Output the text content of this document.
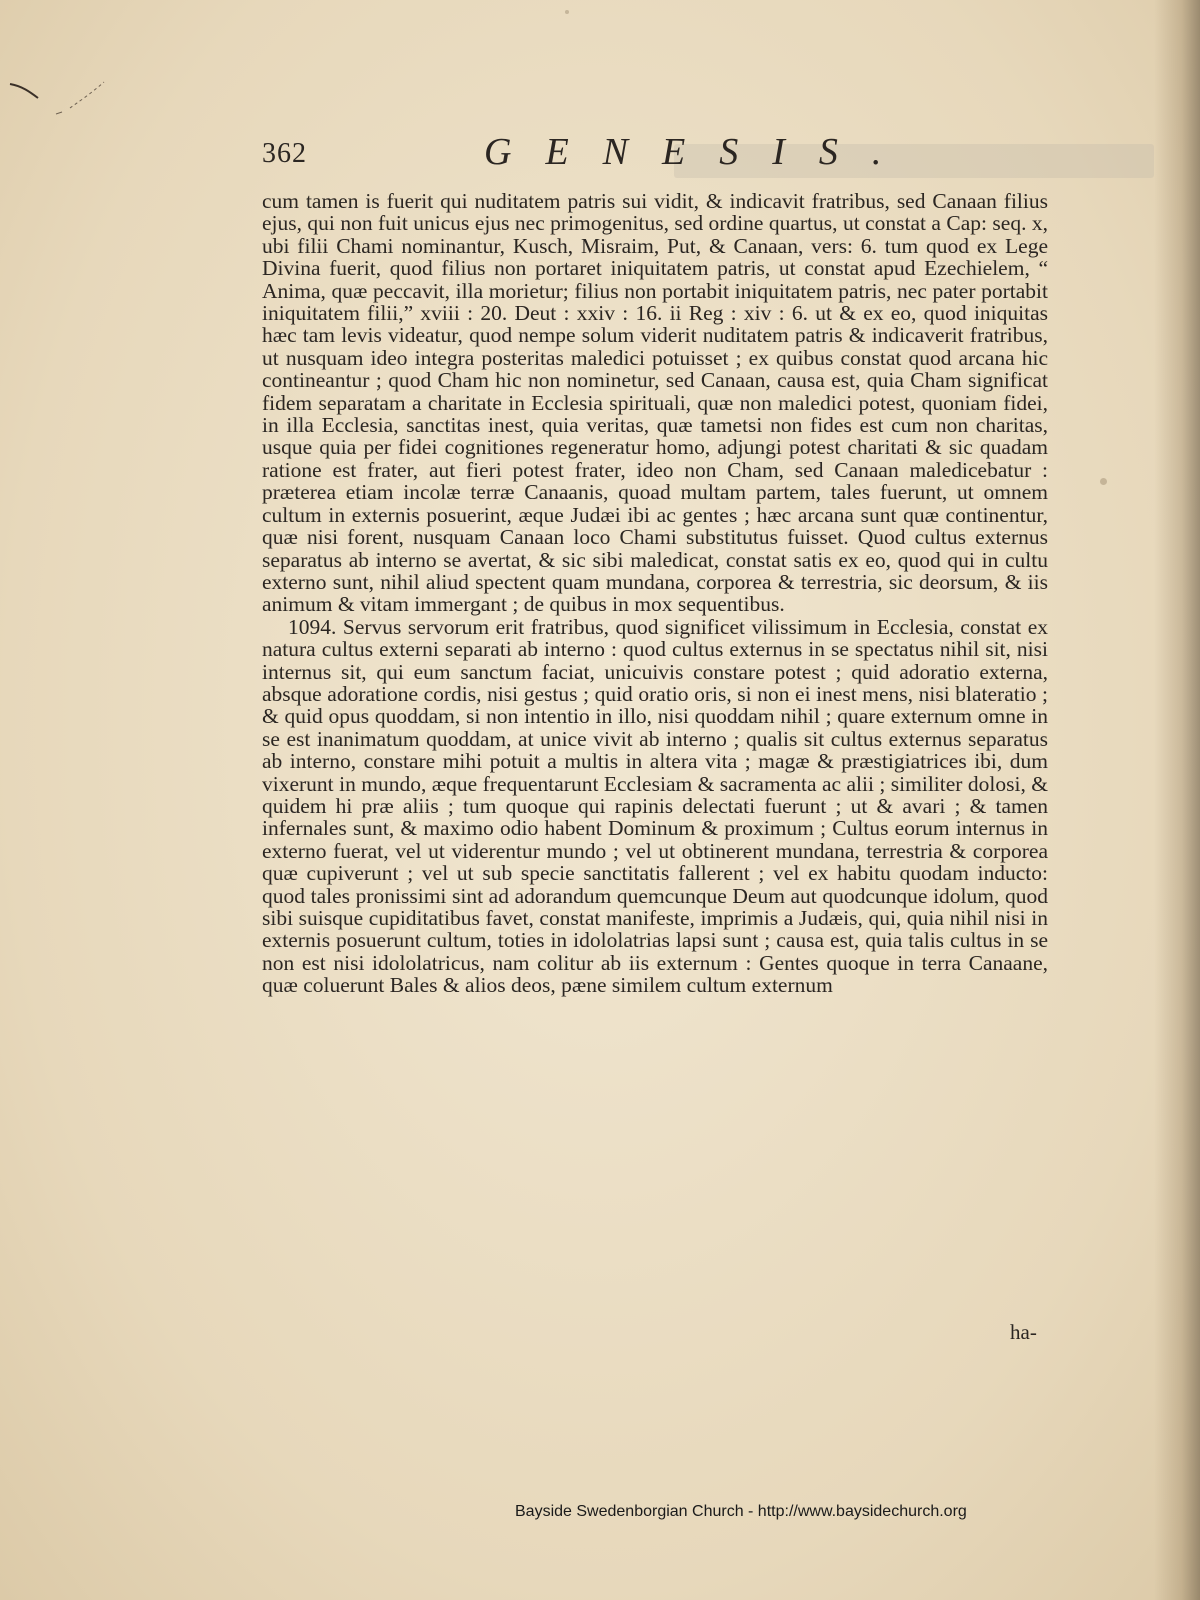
362	GENESIS.

cum tamen is fuerit qui nuditatem patris sui vidit, & indicavit fratribus, sed Canaan filius ejus, qui non fuit unicus ejus nec primogenitus, sed ordine quartus, ut constat a Cap: seq. x, ubi filii Chami nominantur, Kusch, Misraim, Put, & Canaan, vers: 6. tum quod ex Lege Divina fuerit, quod filius non portaret iniquitatem patris, ut constat apud Ezechielem, “ Anima, quæ peccavit, illa morietur; filius non portabit iniquitatem patris, nec pater portabit iniquitatem filii,” xviii : 20. Deut : xxiv : 16. ii Reg : xiv : 6. ut & ex eo, quod iniquitas hæc tam levis videatur, quod nempe solum viderit nuditatem patris & indicaverit fratribus, ut nusquam ideo integra posteritas maledici potuisset ; ex quibus constat quod arcana hic contineantur ; quod Cham hic non nominetur, sed Canaan, causa est, quia Cham significat fidem separatam a charitate in Ecclesia spirituali, quæ non maledici potest, quoniam fidei, in illa Ecclesia, sanctitas inest, quia veritas, quæ tametsi non fides est cum non charitas, usque quia per fidei cognitiones regeneratur homo, adjungi potest charitati & sic quadam ratione est frater, aut fieri potest frater, ideo non Cham, sed Canaan maledicebatur : præterea etiam incolæ terræ Canaanis, quoad multam partem, tales fuerunt, ut omnem cultum in externis posuerint, æque Judæi ibi ac gentes ; hæc arcana sunt quæ continentur, quæ nisi forent, nusquam Canaan loco Chami substitutus fuisset. Quod cultus externus separatus ab interno se avertat, & sic sibi maledicat, constat satis ex eo, quod qui in cultu externo sunt, nihil aliud spectent quam mundana, corporea & terrestria, sic deorsum, & iis animum & vitam immergant ; de quibus in mox sequentibus.

1094. Servus servorum erit fratribus, quod significet vilissimum in Ecclesia, constat ex natura cultus externi separati ab interno : quod cultus externus in se spectatus nihil sit, nisi internus sit, qui eum sanctum faciat, unicuivis constare potest ; quid adoratio externa, absque adoratione cordis, nisi gestus ; quid oratio oris, si non ei inest mens, nisi blateratio ; & quid opus quoddam, si non intentio in illo, nisi quoddam nihil ; quare externum omne in se est inanimatum quoddam, at unice vivit ab interno ; qualis sit cultus externus separatus ab interno, constare mihi potuit a multis in altera vita ; magæ & præstigiatrices ibi, dum vixerunt in mundo, æque frequentarunt Ecclesiam & sacramenta ac alii ; similiter dolosi, & quidem hi præ aliis ; tum quoque qui rapinis delectati fuerunt ; ut & avari ; & tamen infernales sunt, & maximo odio habent Dominum & proximum ; Cultus eorum internus in externo fuerat, vel ut viderentur mundo ; vel ut obtinerent mundana, terrestria & corporea quæ cupiverunt ; vel ut sub specie sanctitatis fallerent ; vel ex habitu quodam inducto: quod tales pronissimi sint ad adorandum quemcunque Deum aut quodcunque idolum, quod sibi suisque cupiditatibus favet, constat manifeste, imprimis a Judæis, qui, quia nihil nisi in externis posuerunt cultum, toties in idololatrias lapsi sunt ; causa est, quia talis cultus in se non est nisi idololatricus, nam colitur ab iis externum : Gentes quoque in terra Canaane, quæ coluerunt Bales & alios deos, pæne similem cultum externum

ha-
Bayside Swedenborgian Church - http://www.baysidechurch.org
